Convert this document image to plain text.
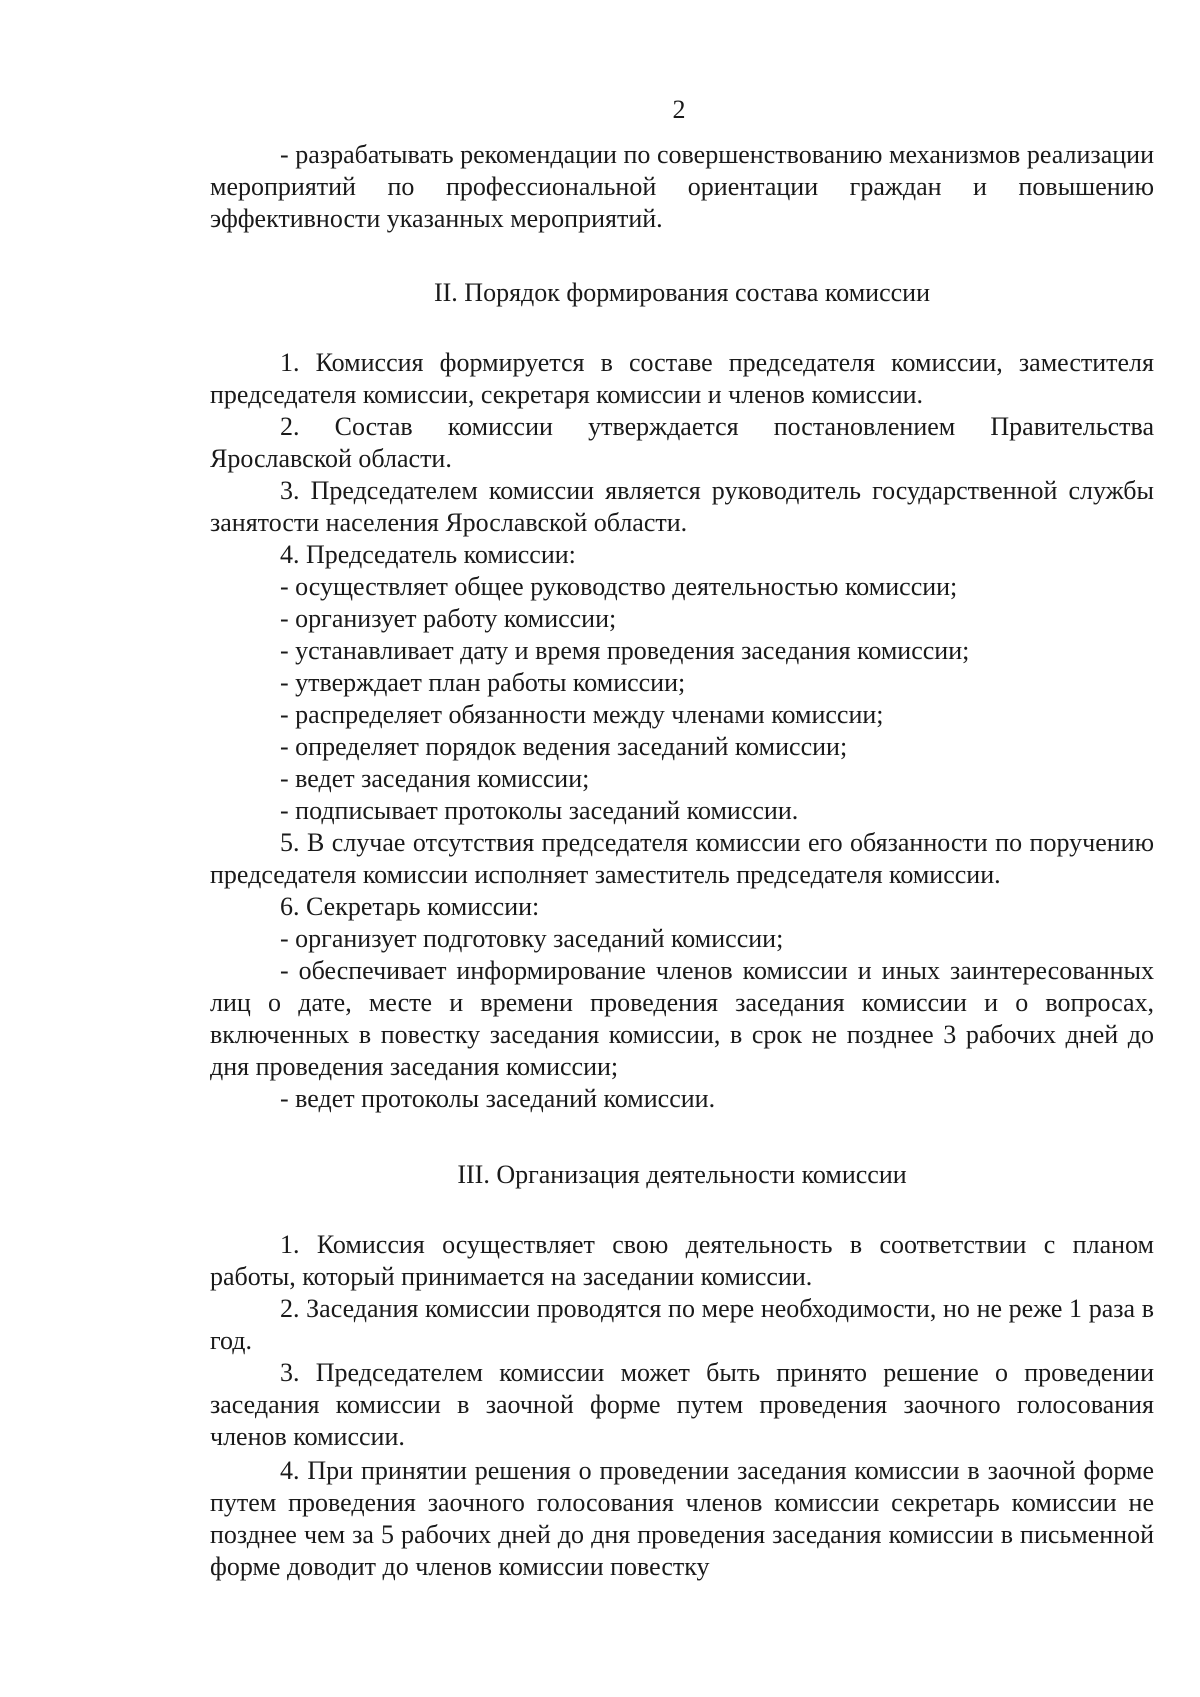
2

- разрабатывать рекомендации по совершенствованию механизмов реализации мероприятий по профессиональной ориентации граждан и повышению эффективности указанных мероприятий.

II. Порядок формирования состава комиссии

1. Комиссия формируется в составе председателя комиссии, заместителя председателя комиссии, секретаря комиссии и членов комиссии.

2. Состав комиссии утверждается постановлением Правительства Ярославской области.

3. Председателем комиссии является руководитель государственной службы занятости населения Ярославской области.

4. Председатель комиссии:

- осуществляет общее руководство деятельностью комиссии;

- организует работу комиссии;

- устанавливает дату и время проведения заседания комиссии;

- утверждает план работы комиссии;

- распределяет обязанности между членами комиссии;

- определяет порядок ведения заседаний комиссии;

- ведет заседания комиссии;

- подписывает протоколы заседаний комиссии.

5. В случае отсутствия председателя комиссии его обязанности по поручению председателя комиссии исполняет заместитель председателя комиссии.

6. Секретарь комиссии:

- организует подготовку заседаний комиссии;

- обеспечивает информирование членов комиссии и иных заинтересованных лиц о дате, месте и времени проведения заседания комиссии и о вопросах, включенных в повестку заседания комиссии, в срок не позднее 3 рабочих дней до дня проведения заседания комиссии;

- ведет протоколы заседаний комиссии.

III. Организация деятельности комиссии

1. Комиссия осуществляет свою деятельность в соответствии с планом работы, который принимается на заседании комиссии.

2. Заседания комиссии проводятся по мере необходимости, но не реже 1 раза в год.

3. Председателем комиссии может быть принято решение о проведении заседания комиссии в заочной форме путем проведения заочного голосования членов комиссии.

4. При принятии решения о проведении заседания комиссии в заочной форме путем проведения заочного голосования членов комиссии секретарь комиссии не позднее чем за 5 рабочих дней до дня проведения заседания комиссии в письменной форме доводит до членов комиссии повестку
